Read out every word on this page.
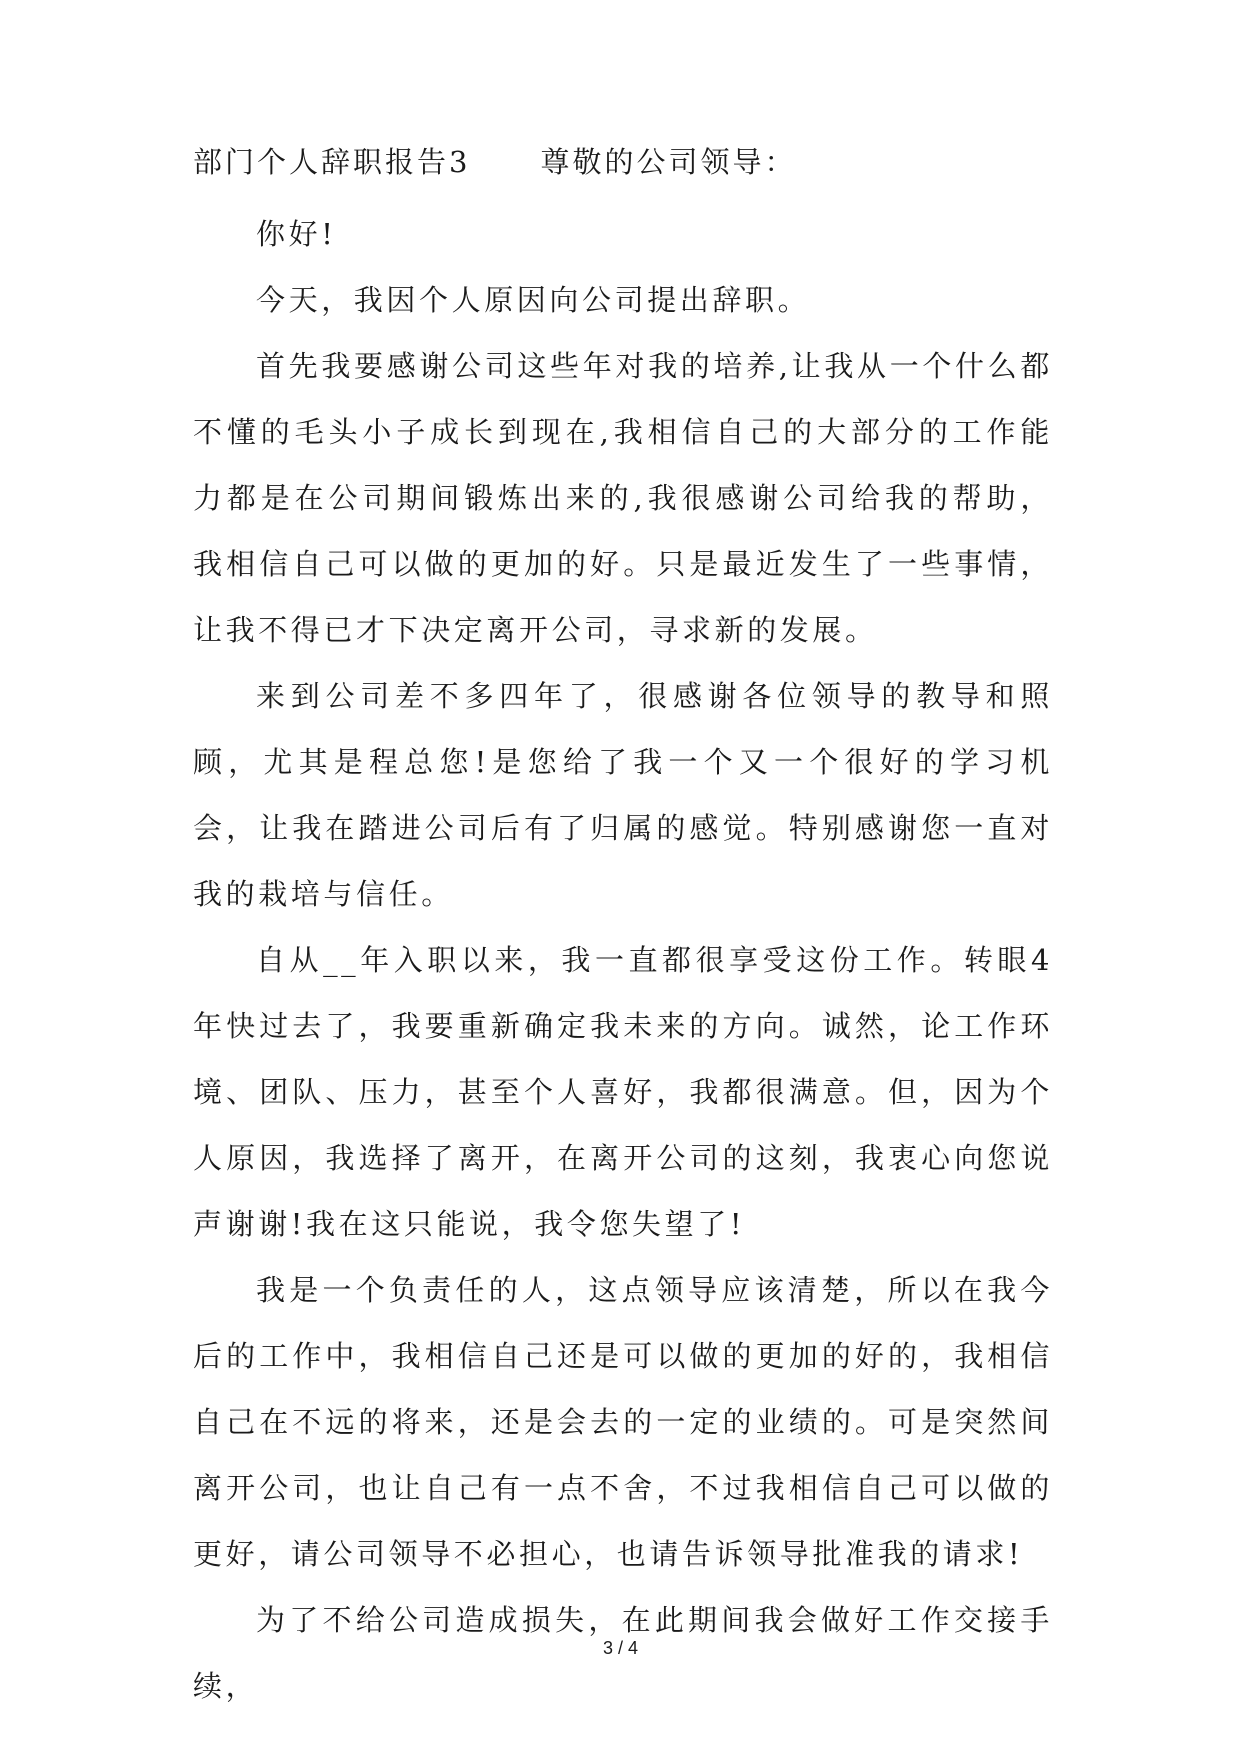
部门个人辞职报告3 尊敬的公司领导：

你好!

今天，我因个人原因向公司提出辞职。

首先我要感谢公司这些年对我的培养,让我从一个什么都不懂的毛头小子成长到现在,我相信自己的大部分的工作能力都是在公司期间锻炼出来的,我很感谢公司给我的帮助，我相信自己可以做的更加的好。只是最近发生了一些事情，让我不得已才下决定离开公司，寻求新的发展。

来到公司差不多四年了，很感谢各位领导的教导和照顾，尤其是程总您!是您给了我一个又一个很好的学习机会，让我在踏进公司后有了归属的感觉。特别感谢您一直对我的栽培与信任。

自从__年入职以来，我一直都很享受这份工作。转眼4年快过去了，我要重新确定我未来的方向。诚然，论工作环境、团队、压力，甚至个人喜好，我都很满意。但，因为个人原因，我选择了离开，在离开公司的这刻，我衷心向您说声谢谢!我在这只能说，我令您失望了!

我是一个负责任的人，这点领导应该清楚，所以在我今后的工作中，我相信自己还是可以做的更加的好的，我相信自己在不远的将来，还是会去的一定的业绩的。可是突然间离开公司，也让自己有一点不舍，不过我相信自己可以做的更好，请公司领导不必担心，也请告诉领导批准我的请求!

为了不给公司造成损失，在此期间我会做好工作交接手续，

3 / 4
